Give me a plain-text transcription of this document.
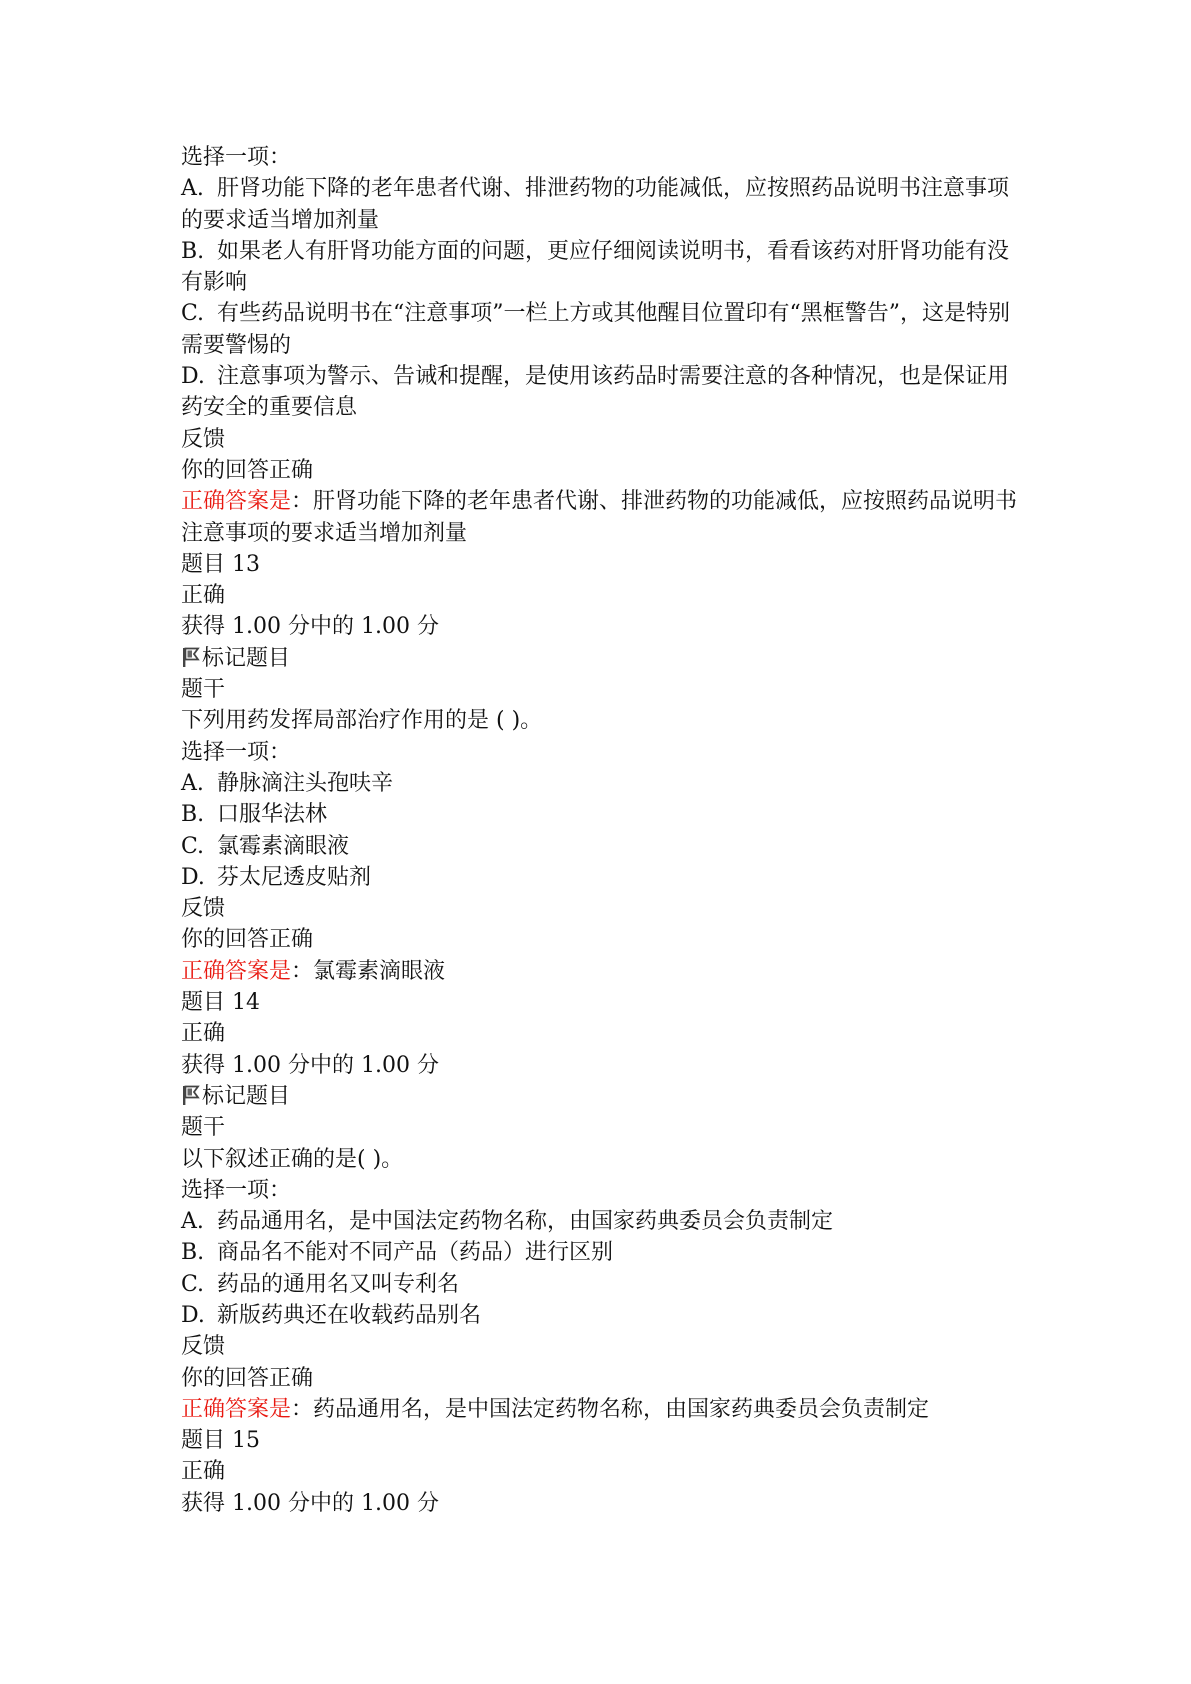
选择一项：
A. 肝肾功能下降的老年患者代谢、排泄药物的功能减低，应按照药品说明书注意事项的要求适当增加剂量
B. 如果老人有肝肾功能方面的问题，更应仔细阅读说明书，看看该药对肝肾功能有没有影响
C. 有些药品说明书在“注意事项”一栏上方或其他醒目位置印有“黑框警告”，这是特别需要警惕的
D. 注意事项为警示、告诫和提醒，是使用该药品时需要注意的各种情况，也是保证用药安全的重要信息
反馈
你的回答正确
正确答案是：肝肾功能下降的老年患者代谢、排泄药物的功能减低，应按照药品说明书注意事项的要求适当增加剂量
题目 13
正确
获得 1.00 分中的 1.00 分
标记题目
题干
下列用药发挥局部治疗作用的是 ( )。
选择一项：
A. 静脉滴注头孢呋辛
B. 口服华法林
C. 氯霉素滴眼液
D. 芬太尼透皮贴剂
反馈
你的回答正确
正确答案是：氯霉素滴眼液
题目 14
正确
获得 1.00 分中的 1.00 分
标记题目
题干
以下叙述正确的是( )。
选择一项：
A. 药品通用名，是中国法定药物名称，由国家药典委员会负责制定
B. 商品名不能对不同产品（药品）进行区别
C. 药品的通用名又叫专利名
D. 新版药典还在收载药品别名
反馈
你的回答正确
正确答案是：药品通用名，是中国法定药物名称，由国家药典委员会负责制定
题目 15
正确
获得 1.00 分中的 1.00 分
